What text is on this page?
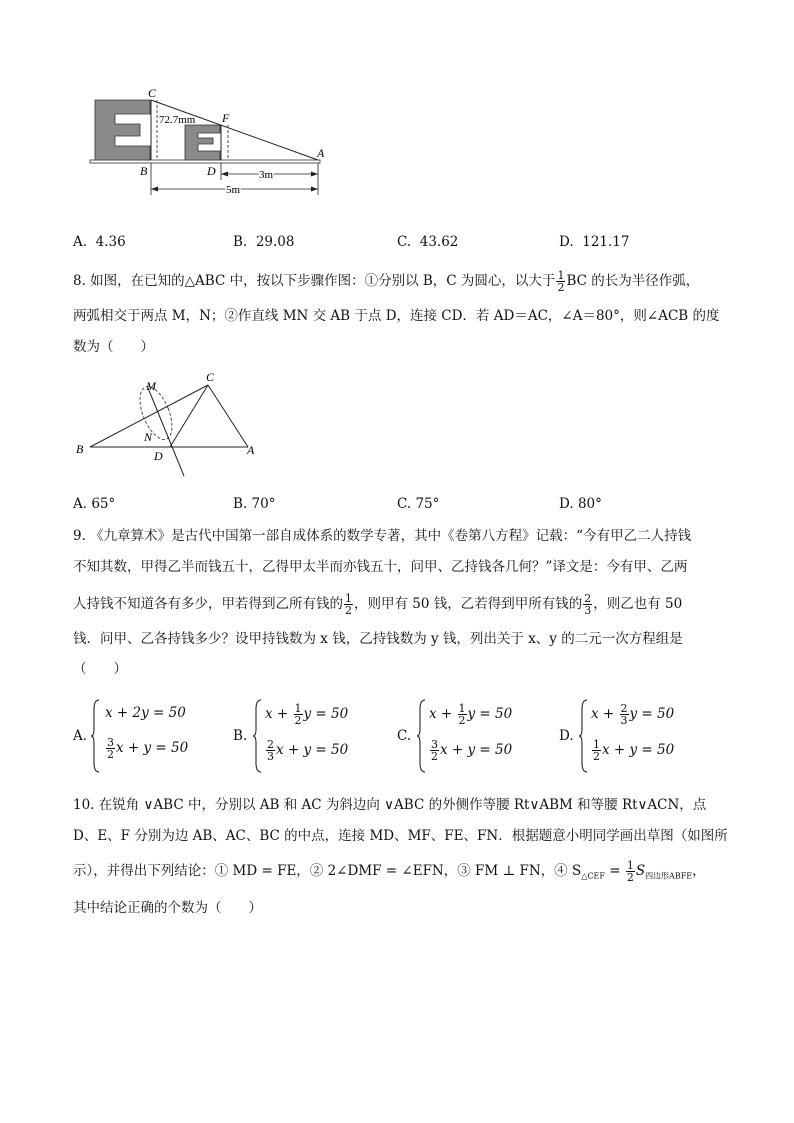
C
F
A
B	D
72.7mm
3m
5m
A. 4.36	B. 29.08	C. 43.62	D. 121.17
8. 如图，在已知的△ABC 中，按以下步骤作图：①分别以 B，C 为圆心，以大于 $\frac{1}{2}$ BC 的长为半径作弧，
两弧相交于两点 M，N；②作直线 MN 交 AB 于点 D，连接 CD．若 AD＝AC，∠A＝80°，则∠ACB 的度
数为（　　）
M
C
N
B	D	A
A. 65°	B. 70°	C. 75°	D. 80°
9. 《九章算术》是古代中国第一部自成体系的数学专著，其中《卷第八方程》记载：“今有甲乙二人持钱
不知其数，甲得乙半而钱五十，乙得甲太半而亦钱五十，问甲、乙持钱各几何？”译文是：今有甲、乙两
人持钱不知道各有多少，甲若得到乙所有钱的 $\frac{1}{2}$ ，则甲有 50 钱，乙若得到甲所有钱的 $\frac{2}{3}$ ，则乙也有 50
钱．问甲、乙各持钱多少？设甲持钱数为 x 钱，乙持钱数为 y 钱，列出关于 x、y 的二元一次方程组是
（　　）
A.
x + 2y = 50
$\frac{3}{2}$ x + y = 50
B.
$x + \frac{1}{2}$ y = 50
$\frac{2}{3}$ x + y = 50
C.
$x + \frac{1}{2}$ y = 50
$\frac{3}{2}$ x + y = 50
D.
$x + \frac{2}{3}$ y = 50
$\frac{1}{2}$ x + y = 50
10. 在锐角 ∨ABC 中，分别以 AB 和 AC 为斜边向 ∨ABC 的外侧作等腰 Rt∨ABM 和等腰 Rt∨ACN，点
D、E、F 分别为边 AB、AC、BC 的中点，连接 MD、MF、FE、FN．根据题意小明同学画出草图（如图所
示），并得出下列结论：① MD = FE，② 2∠DMF = ∠EFN，③ FM ⊥ FN，④ $S_{\triangle CEF} = \frac{1}{2} S_{四边形ABFE}$，
其中结论正确的个数为（　　）
